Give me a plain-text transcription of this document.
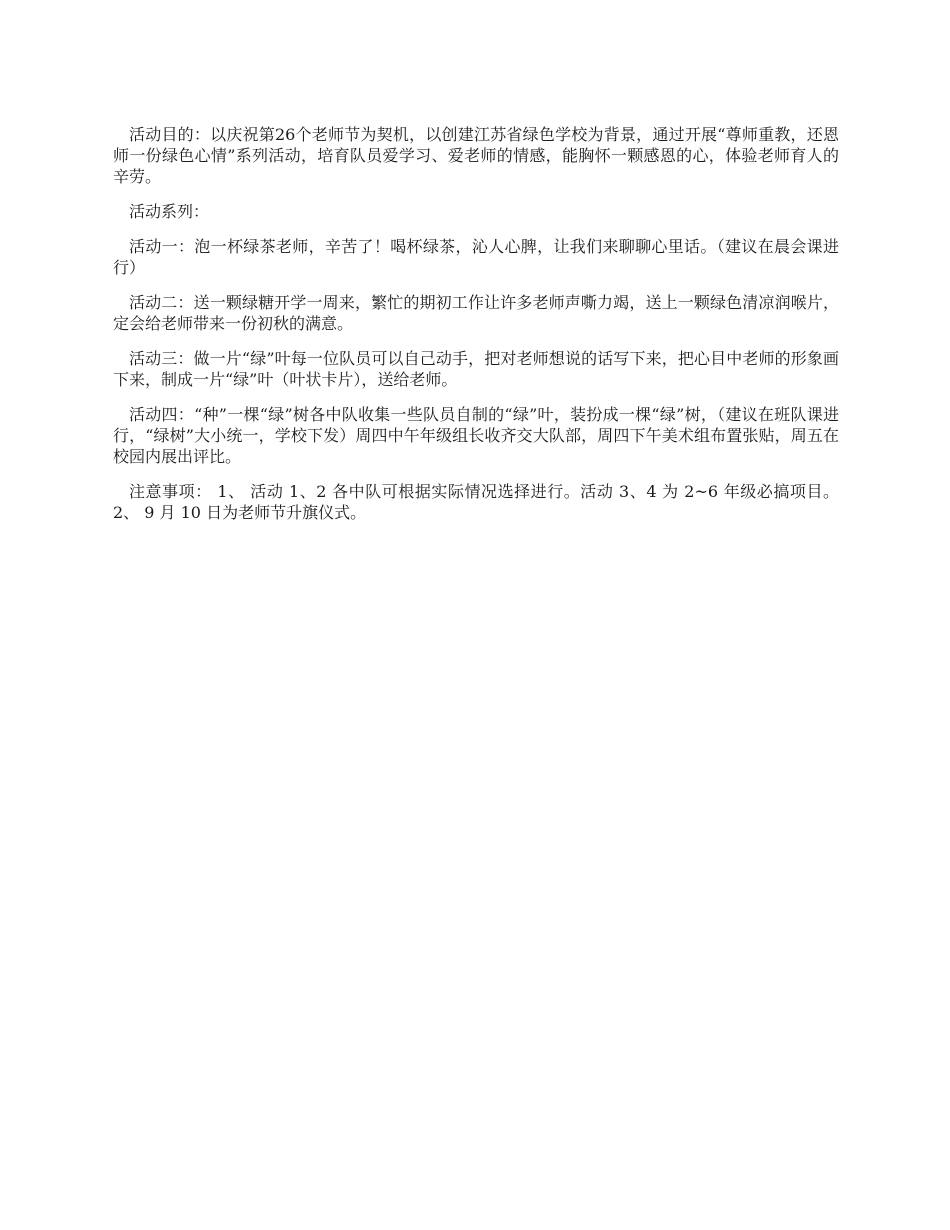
活动目的：以庆祝第26个老师节为契机，以创建江苏省绿色学校为背景，通过开展“尊师重教，还恩师一份绿色心情”系列活动，培育队员爱学习、爱老师的情感，能胸怀一颗感恩的心，体验老师育人的辛劳。

活动系列：

活动一：泡一杯绿茶老师，辛苦了！喝杯绿茶，沁人心脾，让我们来聊聊心里话。（建议在晨会课进行）

活动二：送一颗绿糖开学一周来，繁忙的期初工作让许多老师声嘶力竭，送上一颗绿色清凉润喉片，定会给老师带来一份初秋的满意。

活动三：做一片“绿”叶每一位队员可以自己动手，把对老师想说的话写下来，把心目中老师的形象画下来，制成一片“绿”叶（叶状卡片），送给老师。

活动四：“种”一棵“绿”树各中队收集一些队员自制的“绿”叶，装扮成一棵“绿”树，（建议在班队课进行，“绿树”大小统一，学校下发）周四中午年级组长收齐交大队部，周四下午美术组布置张贴，周五在校园内展出评比。

注意事项： 1、 活动 1、2 各中队可根据实际情况选择进行。活动 3、4 为 2~6 年级必搞项目。 2、 9 月 10 日为老师节升旗仪式。
